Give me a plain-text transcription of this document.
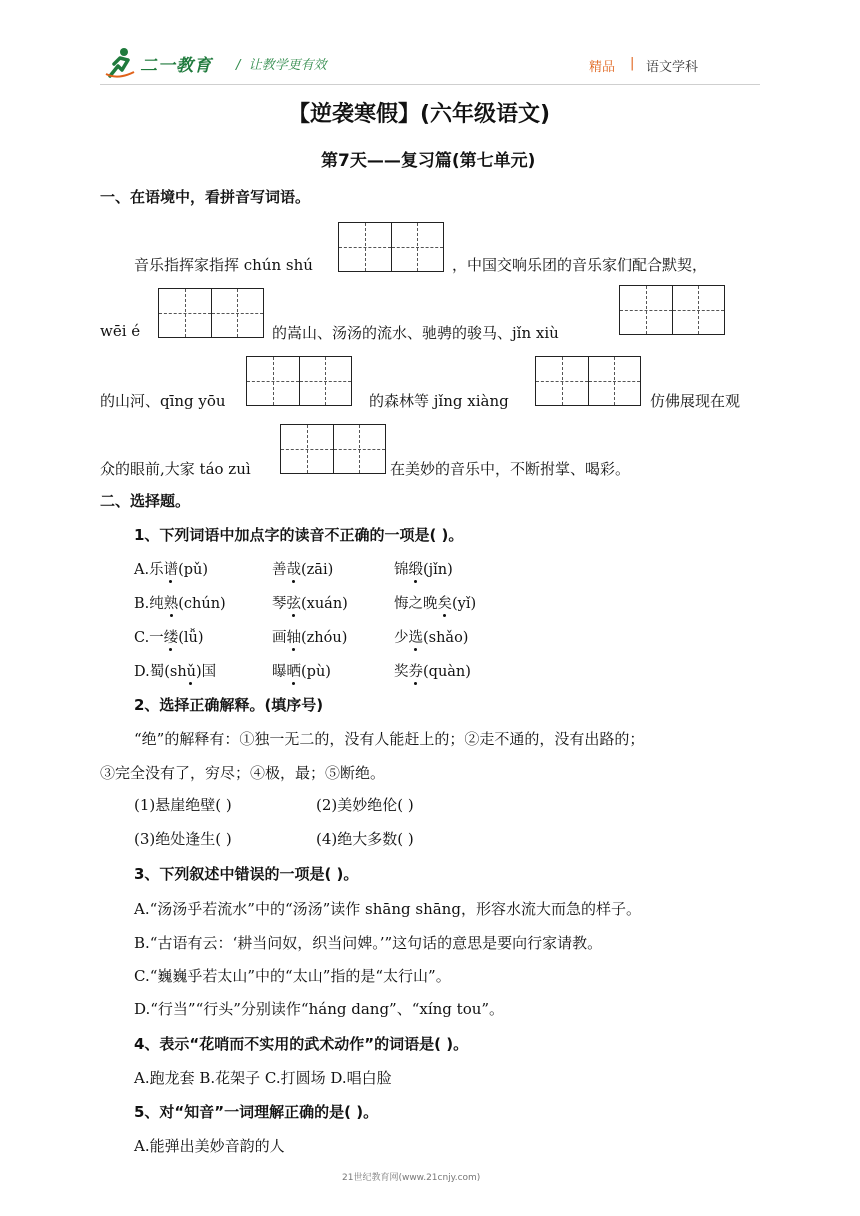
二一教育 /  让教学更有效	精品 | 语文学科
【逆袭寒假】(六年级语文)
第7天——复习篇(第七单元)
一、在语境中，看拼音写词语。
音乐指挥家指挥 chún shú	，中国交响乐团的音乐家们配合默契，
wēi é	的嵩山、汤汤的流水、驰骋的骏马、jǐn xiù
的山河、qīng yōu	的森林等 jǐng xiàng	仿佛展现在观
众的眼前,大家 táo zuì	在美妙的音乐中，不断拊掌、喝彩。
二、选择题。
1、下列词语中加点字的读音不正确的一项是( )。
A.乐谱(pǔ)	善哉(zāi)	锦缎(jǐn)
B.纯熟(chún)	琴弦(xuán)	悔之晚矣(yǐ)
C.一缕(lǚ)	画轴(zhóu)	少选(shǎo)
D.蜀(shǔ)国	曝晒(pù)	奖券(quàn)
2、选择正确解释。(填序号)
“绝”的解释有：①独一无二的，没有人能赶上的；②走不通的，没有出路的；
③完全没有了，穷尽；④极，最；⑤断绝。
(1)悬崖绝壁( )	(2)美妙绝伦( )
(3)绝处逢生( )	(4)绝大多数( )
3、下列叙述中错误的一项是( )。
A.“汤汤乎若流水”中的“汤汤”读作 shāng shāng，形容水流大而急的样子。
B.“古语有云：‘耕当问奴，织当问婢。’”这句话的意思是要向行家请教。
C.“巍巍乎若太山”中的“太山”指的是“太行山”。
D.“行当”“行头”分别读作“háng dang”、“xíng tou”。
4、表示“花哨而不实用的武术动作”的词语是( )。
A.跑龙套 B.花架子 C.打圆场 D.唱白脸
5、对“知音”一词理解正确的是( )。
A.能弹出美妙音韵的人
21世纪教育网(www.21cnjy.com)
